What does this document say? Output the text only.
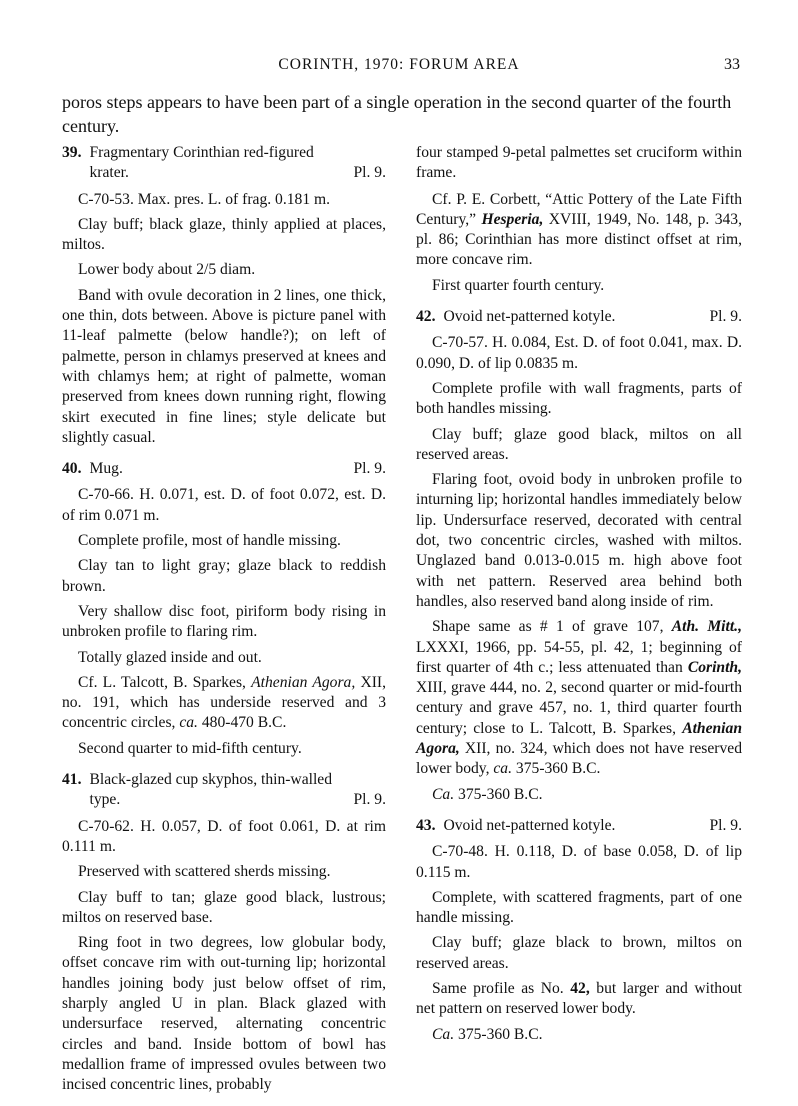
CORINTH, 1970: FORUM AREA	33
poros steps appears to have been part of a single operation in the second quarter of the fourth century.
39. Fragmentary Corinthian red-figured krater.	Pl. 9.

C-70-53. Max. pres. L. of frag. 0.181 m.

Clay buff; black glaze, thinly applied at places, miltos.

Lower body about 2/5 diam.

Band with ovule decoration in 2 lines, one thick, one thin, dots between. Above is picture panel with 11-leaf palmette (below handle?); on left of palmette, person in chlamys preserved at knees and with chlamys hem; at right of palmette, woman preserved from knees down running right, flowing skirt executed in fine lines; style delicate but slightly casual.

40. Mug.	Pl. 9.

C-70-66. H. 0.071, est. D. of foot 0.072, est. D. of rim 0.071 m.

Complete profile, most of handle missing.

Clay tan to light gray; glaze black to reddish brown.

Very shallow disc foot, piriform body rising in unbroken profile to flaring rim.

Totally glazed inside and out.

Cf. L. Talcott, B. Sparkes, Athenian Agora, XII, no. 191, which has underside reserved and 3 concentric circles, ca. 480-470 B.C.

Second quarter to mid-fifth century.

41. Black-glazed cup skyphos, thin-walled type.	Pl. 9.

C-70-62. H. 0.057, D. of foot 0.061, D. at rim 0.111 m.

Preserved with scattered sherds missing.

Clay buff to tan; glaze good black, lustrous; miltos on reserved base.

Ring foot in two degrees, low globular body, offset concave rim with out-turning lip; horizontal handles joining body just below offset of rim, sharply angled U in plan. Black glazed with undersurface reserved, alternating concentric circles and band. Inside bottom of bowl has medallion frame of impressed ovules between two incised concentric lines, probably

four stamped 9-petal palmettes set cruciform within frame.

Cf. P. E. Corbett, “Attic Pottery of the Late Fifth Century,” Hesperia, XVIII, 1949, No. 148, p. 343, pl. 86; Corinthian has more distinct offset at rim, more concave rim.

First quarter fourth century.

42. Ovoid net-patterned kotyle.	Pl. 9.

C-70-57. H. 0.084, Est. D. of foot 0.041, max. D. 0.090, D. of lip 0.0835 m.

Complete profile with wall fragments, parts of both handles missing.

Clay buff; glaze good black, miltos on all reserved areas.

Flaring foot, ovoid body in unbroken profile to inturning lip; horizontal handles immediately below lip. Undersurface reserved, decorated with central dot, two concentric circles, washed with miltos. Unglazed band 0.013-0.015 m. high above foot with net pattern. Reserved area behind both handles, also reserved band along inside of rim.

Shape same as # 1 of grave 107, Ath. Mitt., LXXXI, 1966, pp. 54-55, pl. 42, 1; beginning of first quarter of 4th c.; less attenuated than Corinth, XIII, grave 444, no. 2, second quarter or mid-fourth century and grave 457, no. 1, third quarter fourth century; close to L. Talcott, B. Sparkes, Athenian Agora, XII, no. 324, which does not have reserved lower body, ca. 375-360 B.C.

Ca. 375-360 B.C.

43. Ovoid net-patterned kotyle.	Pl. 9.

C-70-48. H. 0.118, D. of base 0.058, D. of lip 0.115 m.

Complete, with scattered fragments, part of one handle missing.

Clay buff; glaze black to brown, miltos on reserved areas.

Same profile as No. 42, but larger and without net pattern on reserved lower body.

Ca. 375-360 B.C.
